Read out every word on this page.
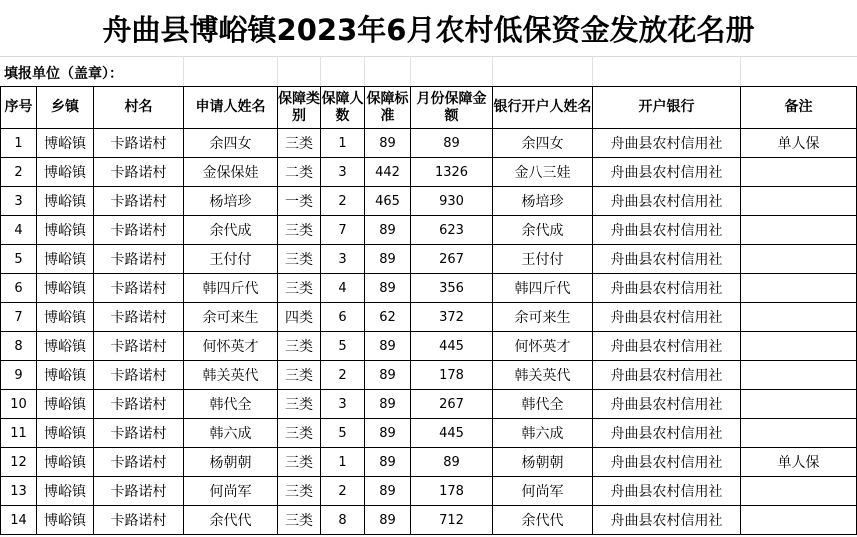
舟曲县博峪镇2023年6月农村低保资金发放花名册
填报单位（盖章）：
序号	乡镇	村名	申请人姓名	保障类别	保障人数	保障标准	月份保障金额	银行开户人姓名	开户银行	备注
1	博峪镇	卡路诺村	余四女	三类	1	89	89	余四女	舟曲县农村信用社	单人保
2	博峪镇	卡路诺村	金保保娃	二类	3	442	1326	金八三娃	舟曲县农村信用社	
3	博峪镇	卡路诺村	杨培珍	一类	2	465	930	杨培珍	舟曲县农村信用社	
4	博峪镇	卡路诺村	余代成	三类	7	89	623	余代成	舟曲县农村信用社	
5	博峪镇	卡路诺村	王付付	三类	3	89	267	王付付	舟曲县农村信用社	
6	博峪镇	卡路诺村	韩四斤代	三类	4	89	356	韩四斤代	舟曲县农村信用社	
7	博峪镇	卡路诺村	余可来生	四类	6	62	372	余可来生	舟曲县农村信用社	
8	博峪镇	卡路诺村	何怀英才	三类	5	89	445	何怀英才	舟曲县农村信用社	
9	博峪镇	卡路诺村	韩关英代	三类	2	89	178	韩关英代	舟曲县农村信用社	
10	博峪镇	卡路诺村	韩代全	三类	3	89	267	韩代全	舟曲县农村信用社	
11	博峪镇	卡路诺村	韩六成	三类	5	89	445	韩六成	舟曲县农村信用社	
12	博峪镇	卡路诺村	杨朝朝	三类	1	89	89	杨朝朝	舟曲县农村信用社	单人保
13	博峪镇	卡路诺村	何尚军	三类	2	89	178	何尚军	舟曲县农村信用社	
14	博峪镇	卡路诺村	余代代	三类	8	89	712	余代代	舟曲县农村信用社	
